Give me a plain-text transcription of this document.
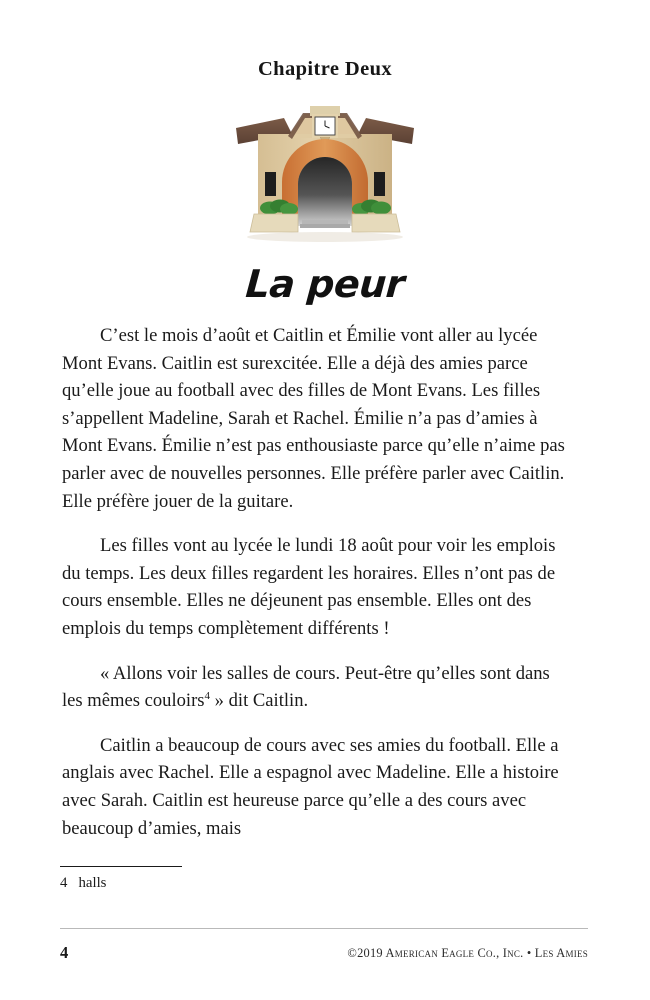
Chapitre Deux
La peur

C’est le mois d’août et Caitlin et Émilie vont aller au lycée Mont Evans. Caitlin est surexcitée. Elle a déjà des amies parce qu’elle joue au football avec des filles de Mont Evans. Les filles s’appellent Madeline, Sarah et Rachel. Émilie n’a pas d’amies à Mont Evans. Émilie n’est pas enthousiaste parce qu’elle n’aime pas parler avec de nouvelles personnes. Elle préfère parler avec Caitlin. Elle préfère jouer de la guitare.

Les filles vont au lycée le lundi 18 août pour voir les emplois du temps. Les deux filles regardent les horaires. Elles n’ont pas de cours ensemble. Elles ne déjeunent pas ensemble. Elles ont des emplois du temps complètement différents !

« Allons voir les salles de cours. Peut-être qu’elles sont dans les mêmes couloirs$^4$ » dit Caitlin.

Caitlin a beaucoup de cours avec ses amies du football. Elle a anglais avec Rachel. Elle a espagnol avec Madeline. Elle a histoire avec Sarah. Caitlin est heureuse parce qu’elle a des cours avec beaucoup d’amies, mais

4   halls
4	©2019 American Eagle Co., Inc. • Les Amies
